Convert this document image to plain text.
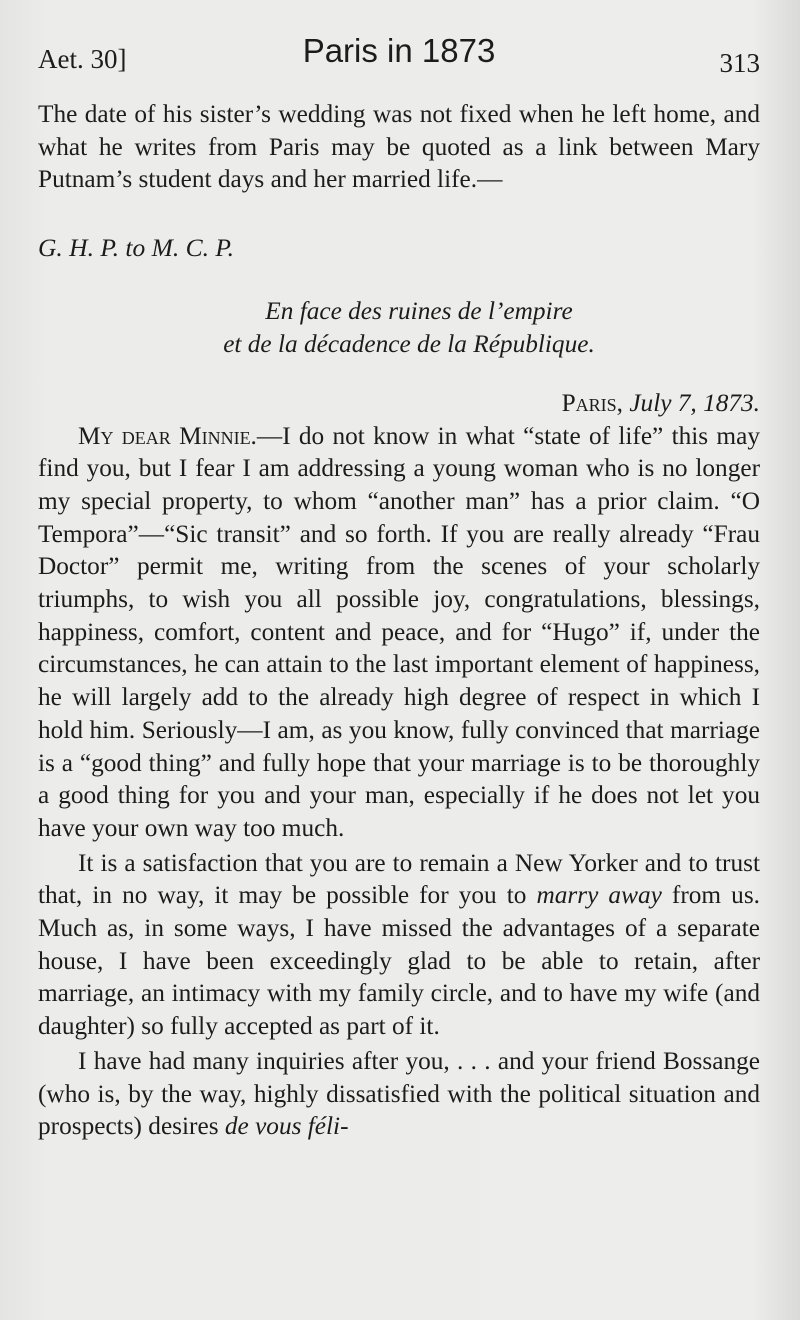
Aet. 30]	Paris in 1873	313

The date of his sister’s wedding was not fixed when he left home, and what he writes from Paris may be quoted as a link between Mary Putnam’s student days and her married life.—

G. H. P. to M. C. P.

En face des ruines de l’empire
et de la décadence de la République.

Paris, July 7, 1873.

My dear Minnie.—I do not know in what “state of life” this may find you, but I fear I am addressing a young woman who is no longer my special property, to whom “another man” has a prior claim. “O Tempora”—“Sic transit” and so forth. If you are really already “Frau Doctor” permit me, writing from the scenes of your scholarly triumphs, to wish you all possible joy, congratulations, blessings, happiness, comfort, content and peace, and for “Hugo” if, under the circumstances, he can attain to the last important element of happiness, he will largely add to the already high degree of respect in which I hold him. Seriously—I am, as you know, fully convinced that marriage is a “good thing” and fully hope that your marriage is to be thoroughly a good thing for you and your man, especially if he does not let you have your own way too much.

It is a satisfaction that you are to remain a New Yorker and to trust that, in no way, it may be possible for you to marry away from us. Much as, in some ways, I have missed the advantages of a separate house, I have been exceedingly glad to be able to retain, after marriage, an intimacy with my family circle, and to have my wife (and daughter) so fully accepted as part of it.

I have had many inquiries after you, . . . and your friend Bossange (who is, by the way, highly dissatisfied with the political situation and prospects) desires de vous féli-
